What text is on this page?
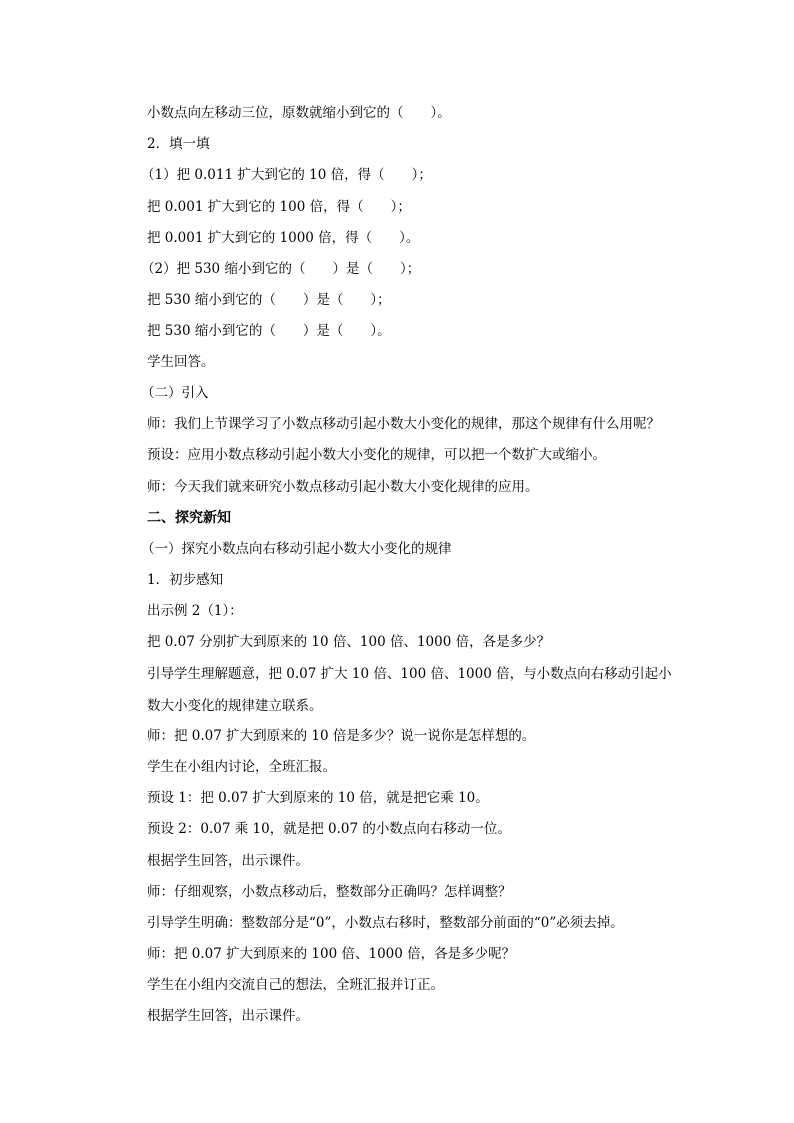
小数点向左移动三位，原数就缩小到它的（　　）。
2．填一填
（1）把 0.011 扩大到它的 10 倍，得（　　）；
把 0.001 扩大到它的 100 倍，得（　　）；
把 0.001 扩大到它的 1000 倍，得（　　）。
（2）把 530 缩小到它的（　　）是（　　）；
把 530 缩小到它的（　　）是（　　）；
把 530 缩小到它的（　　）是（　　）。
学生回答。
（二）引入
师：我们上节课学习了小数点移动引起小数大小变化的规律，那这个规律有什么用呢？
预设：应用小数点移动引起小数大小变化的规律，可以把一个数扩大或缩小。
师：今天我们就来研究小数点移动引起小数大小变化规律的应用。
二、探究新知
（一）探究小数点向右移动引起小数大小变化的规律
1．初步感知
出示例 2（1）：
把 0.07 分别扩大到原来的 10 倍、100 倍、1000 倍，各是多少？
引导学生理解题意，把 0.07 扩大 10 倍、100 倍、1000 倍，与小数点向右移动引起小数大小变化的规律建立联系。
师：把 0.07 扩大到原来的 10 倍是多少？说一说你是怎样想的。
学生在小组内讨论，全班汇报。
预设 1：把 0.07 扩大到原来的 10 倍，就是把它乘 10。
预设 2：0.07 乘 10，就是把 0.07 的小数点向右移动一位。
根据学生回答，出示课件。
师：仔细观察，小数点移动后，整数部分正确吗？怎样调整？
引导学生明确：整数部分是“0”，小数点右移时，整数部分前面的“0”必须去掉。
师：把 0.07 扩大到原来的 100 倍、1000 倍，各是多少呢？
学生在小组内交流自己的想法，全班汇报并订正。
根据学生回答，出示课件。
